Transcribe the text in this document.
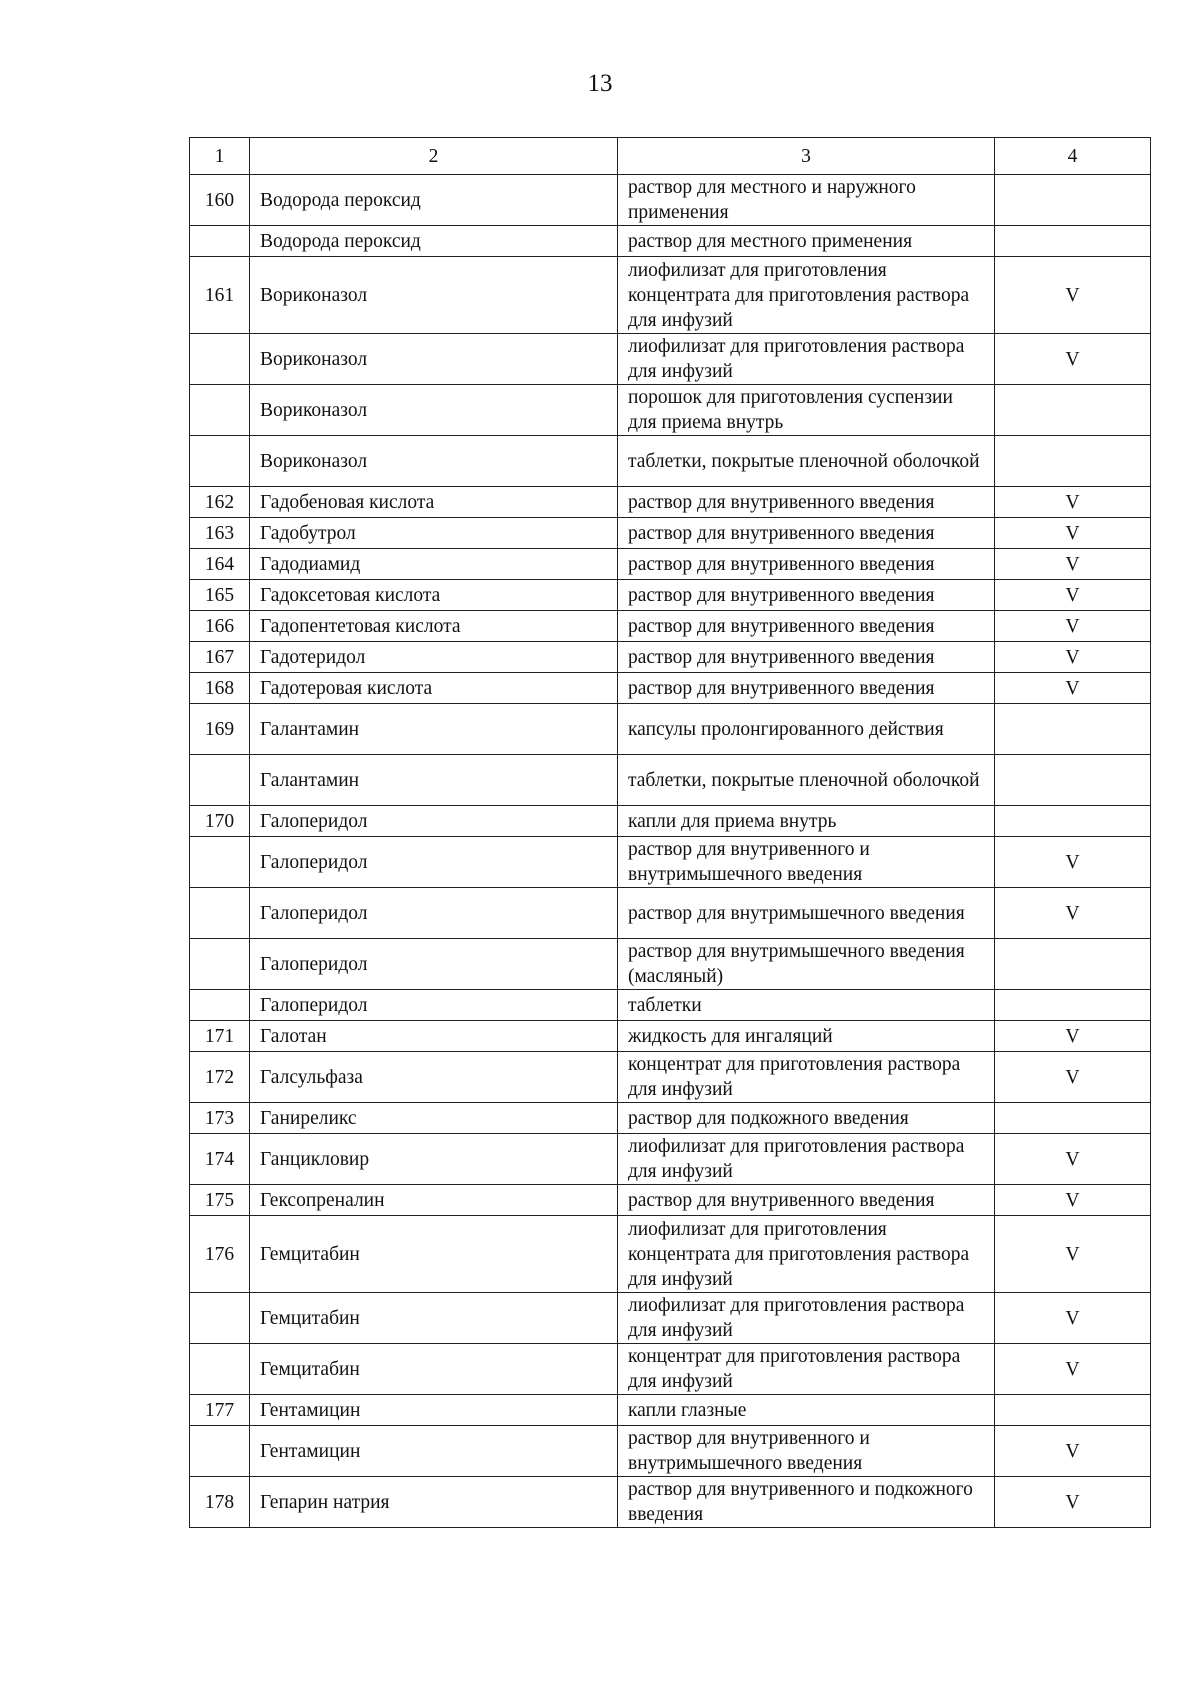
13
1	2	3	4
160	Водорода пероксид	раствор для местного и наружного применения	
	Водорода пероксид	раствор для местного применения	
161	Вориконазол	лиофилизат для приготовления концентрата для приготовления раствора для инфузий	V
	Вориконазол	лиофилизат для приготовления раствора для инфузий	V
	Вориконазол	порошок для приготовления суспензии для приема внутрь	
	Вориконазол	таблетки, покрытые пленочной оболочкой	
162	Гадобеновая кислота	раствор для внутривенного введения	V
163	Гадобутрол	раствор для внутривенного введения	V
164	Гадодиамид	раствор для внутривенного введения	V
165	Гадоксетовая кислота	раствор для внутривенного введения	V
166	Гадопентетовая кислота	раствор для внутривенного введения	V
167	Гадотеридол	раствор для внутривенного введения	V
168	Гадотеровая кислота	раствор для внутривенного введения	V
169	Галантамин	капсулы пролонгированного действия	
	Галантамин	таблетки, покрытые пленочной оболочкой	
170	Галоперидол	капли для приема внутрь	
	Галоперидол	раствор для внутривенного и внутримышечного введения	V
	Галоперидол	раствор для внутримышечного введения	V
	Галоперидол	раствор для внутримышечного введения (масляный)	
	Галоперидол	таблетки	
171	Галотан	жидкость для ингаляций	V
172	Галсульфаза	концентрат для приготовления раствора для инфузий	V
173	Ганиреликс	раствор для подкожного введения	
174	Ганцикловир	лиофилизат для приготовления раствора для инфузий	V
175	Гексопреналин	раствор для внутривенного введения	V
176	Гемцитабин	лиофилизат для приготовления концентрата для приготовления раствора для инфузий	V
	Гемцитабин	лиофилизат для приготовления раствора для инфузий	V
	Гемцитабин	концентрат для приготовления раствора для инфузий	V
177	Гентамицин	капли глазные	
	Гентамицин	раствор для внутривенного и внутримышечного введения	V
178	Гепарин натрия	раствор для внутривенного и подкожного введения	V
